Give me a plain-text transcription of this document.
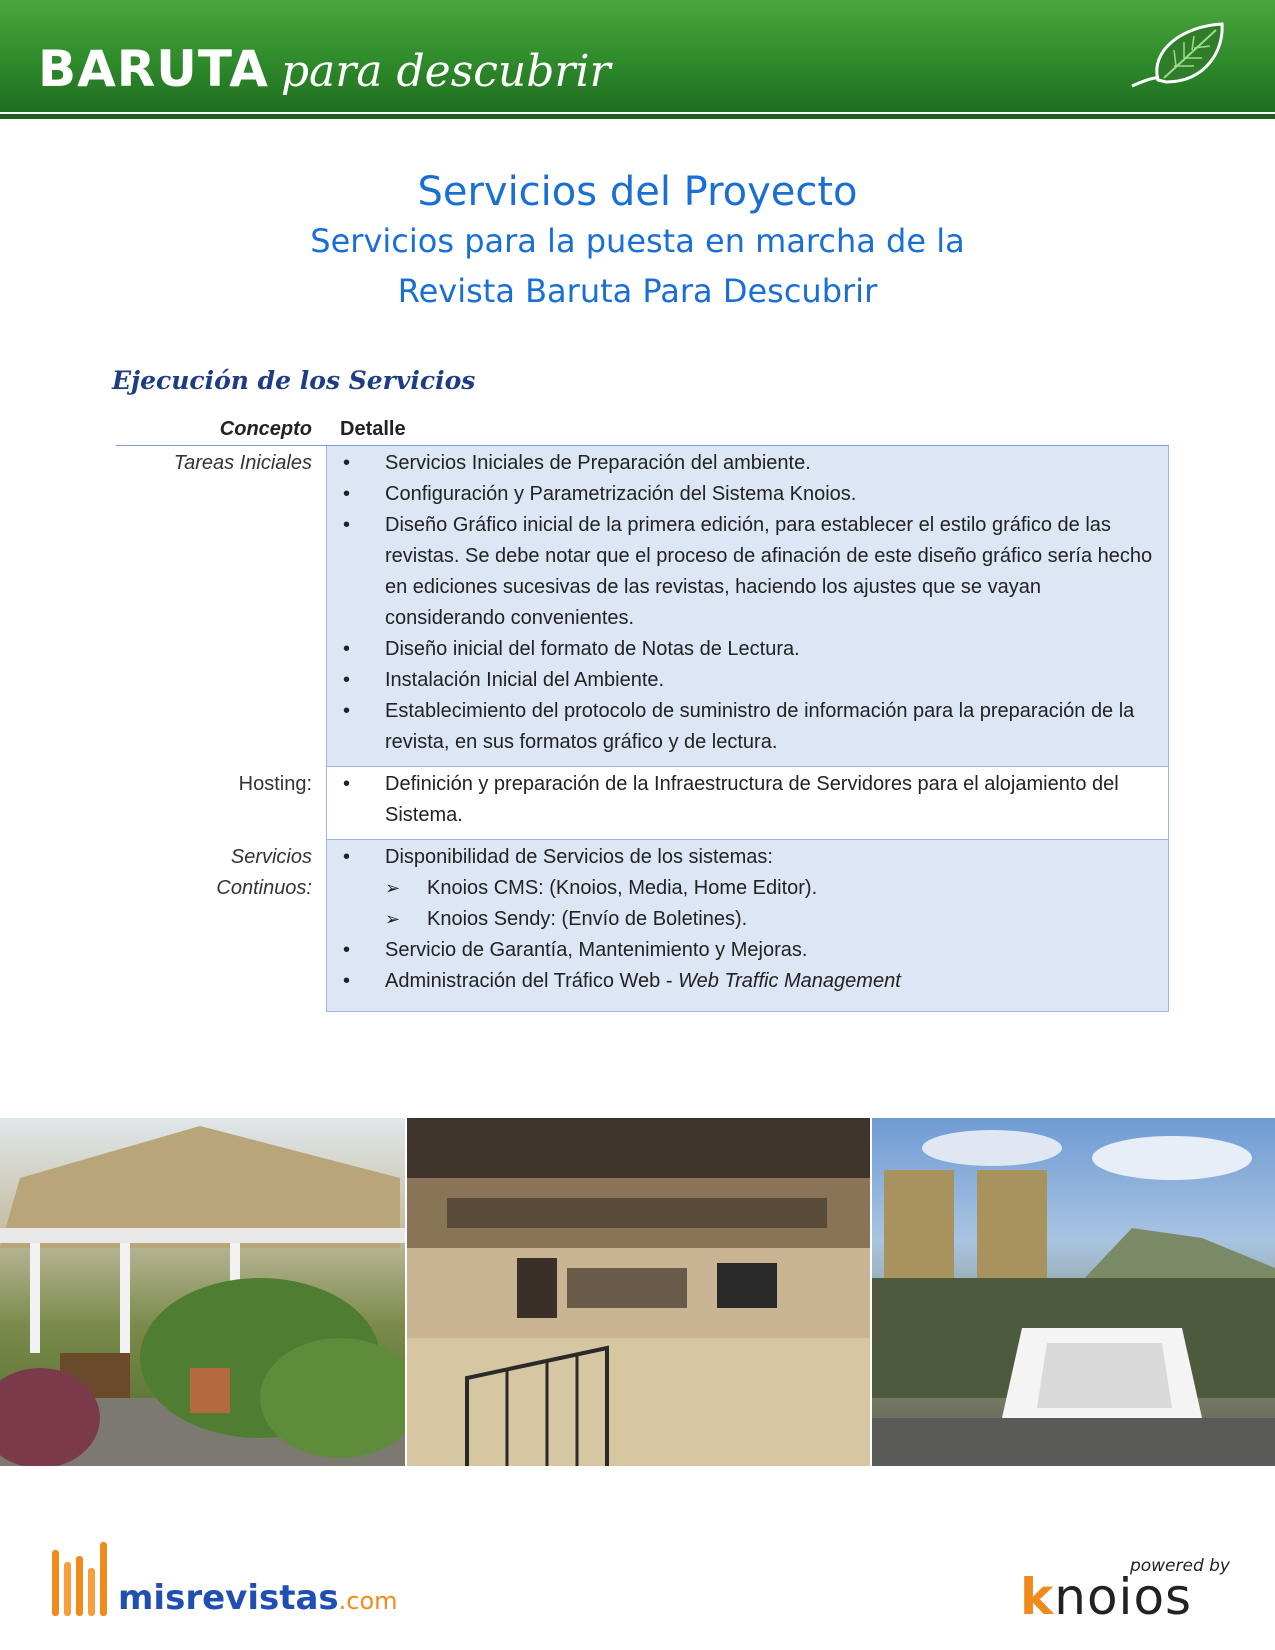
BARUTA para descubrir
Servicios del Proyecto
Servicios para la puesta en marcha de la
Revista Baruta Para Descubrir
Ejecución de los Servicios
Concepto Detalle
Tareas Iniciales	• Servicios Iniciales de Preparación del ambiente.
• Configuración y Parametrización del Sistema Knoios.
• Diseño Gráfico inicial de la primera edición, para establecer el estilo gráfico de las revistas. Se debe notar que el proceso de afinación de este diseño gráfico sería hecho en ediciones sucesivas de las revistas, haciendo los ajustes que se vayan considerando convenientes.
• Diseño inicial del formato de Notas de Lectura.
• Instalación Inicial del Ambiente.
• Establecimiento del protocolo de suministro de información para la preparación de la revista, en sus formatos gráfico y de lectura.
Hosting:	• Definición y preparación de la Infraestructura de Servidores para el alojamiento del Sistema.
Servicios
Continuos:
• Disponibilidad de Servicios de los sistemas:
➢ Knoios CMS: (Knoios, Media, Home Editor).
➢ Knoios Sendy: (Envío de Boletines).
• Servicio de Garantía, Mantenimiento y Mejoras.
• Administración del Tráfico Web - Web Traffic Management
misrevistas.com
powered by
knoios
